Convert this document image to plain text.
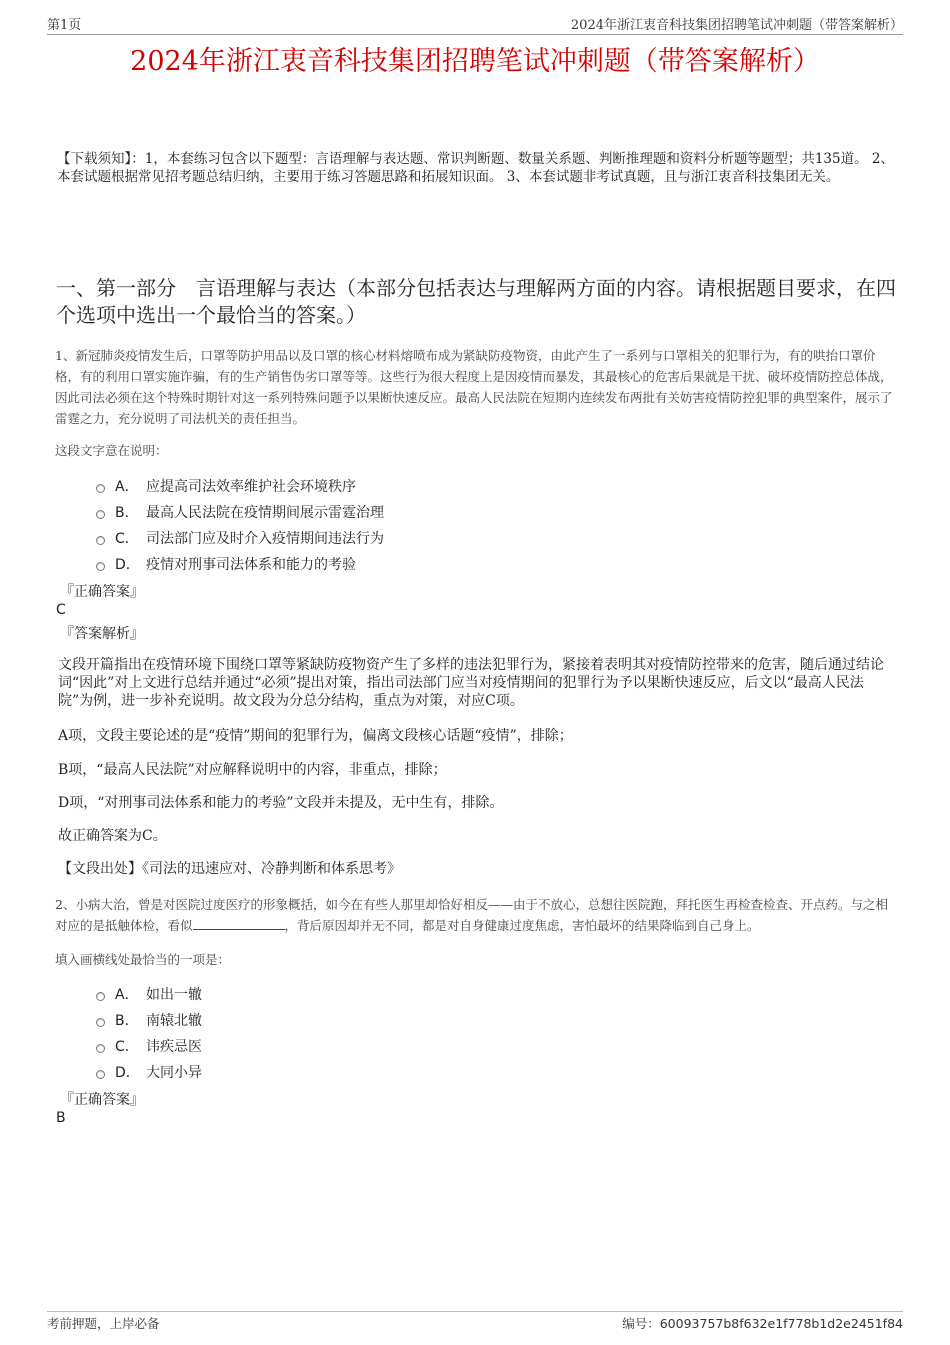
第1页	2024年浙江衷音科技集团招聘笔试冲刺题（带答案解析）
2024年浙江衷音科技集团招聘笔试冲刺题（带答案解析）
【下载须知】：1，本套练习包含以下题型：言语理解与表达题、常识判断题、数量关系题、判断推理题和资料分析题等题型；共135道。 2、本套试题根据常见招考题总结归纳，主要用于练习答题思路和拓展知识面。 3、本套试题非考试真题，且与浙江衷音科技集团无关。
一、第一部分　言语理解与表达（本部分包括表达与理解两方面的内容。请根据题目要求，在四个选项中选出一个最恰当的答案。）
1、新冠肺炎疫情发生后，口罩等防护用品以及口罩的核心材料熔喷布成为紧缺防疫物资，由此产生了一系列与口罩相关的犯罪行为，有的哄抬口罩价格，有的利用口罩实施诈骗，有的生产销售伪劣口罩等等。这些行为很大程度上是因疫情而暴发，其最核心的危害后果就是干扰、破坏疫情防控总体战，因此司法必须在这个特殊时期针对这一系列特殊问题予以果断快速反应。最高人民法院在短期内连续发布两批有关妨害疫情防控犯罪的典型案件，展示了雷霆之力，充分说明了司法机关的责任担当。
这段文字意在说明：
A． 应提高司法效率维护社会环境秩序
B． 最高人民法院在疫情期间展示雷霆治理
C． 司法部门应及时介入疫情期间违法行为
D． 疫情对刑事司法体系和能力的考验
『正确答案』
C
『答案解析』
文段开篇指出在疫情环境下围绕口罩等紧缺防疫物资产生了多样的违法犯罪行为，紧接着表明其对疫情防控带来的危害，随后通过结论词“因此”对上文进行总结并通过“必须”提出对策，指出司法部门应当对疫情期间的犯罪行为予以果断快速反应，后文以“最高人民法院”为例，进一步补充说明。故文段为分总分结构，重点为对策，对应C项。
A项，文段主要论述的是“疫情”期间的犯罪行为，偏离文段核心话题“疫情”，排除；
B项，“最高人民法院”对应解释说明中的内容，非重点，排除；
D项，“对刑事司法体系和能力的考验”文段并未提及，无中生有，排除。
故正确答案为C。
【文段出处】《司法的迅速应对、冷静判断和体系思考》
2、小病大治，曾是对医院过度医疗的形象概括，如今在有些人那里却恰好相反——由于不放心，总想往医院跑，拜托医生再检查检查、开点药。与之相对应的是抵触体检，看似	，背后原因却并无不同，都是对自身健康过度焦虑，害怕最坏的结果降临到自己身上。
填入画横线处最恰当的一项是：
A． 如出一辙
B． 南辕北辙
C． 讳疾忌医
D． 大同小异
『正确答案』
B
考前押题，上岸必备	编号：60093757b8f632e1f778b1d2e2451f84
